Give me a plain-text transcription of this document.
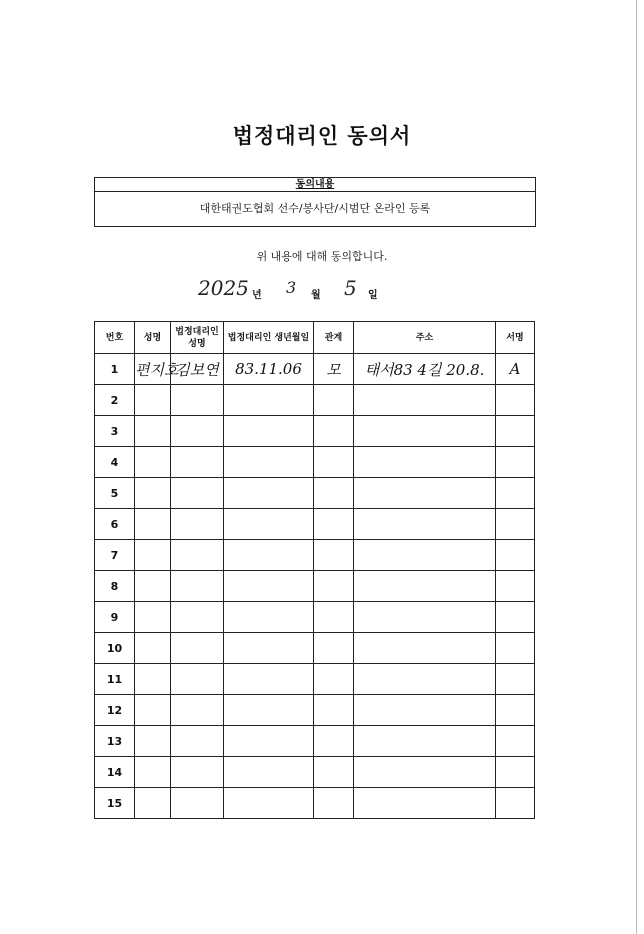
법정대리인 동의서
동의내용
대한태권도협회 선수/봉사단/시범단 온라인 등록
위 내용에 대해 동의합니다.
2025 년 3 월 5 일
번호	성명	법정대리인 성명	법정대리인 생년월일	관계	주소	서명
1	편지호	김보연	83.11.06	모	태서83 4길 20.8.	A
2						
3						
4						
5						
6						
7						
8						
9						
10						
11						
12						
13						
14						
15						
